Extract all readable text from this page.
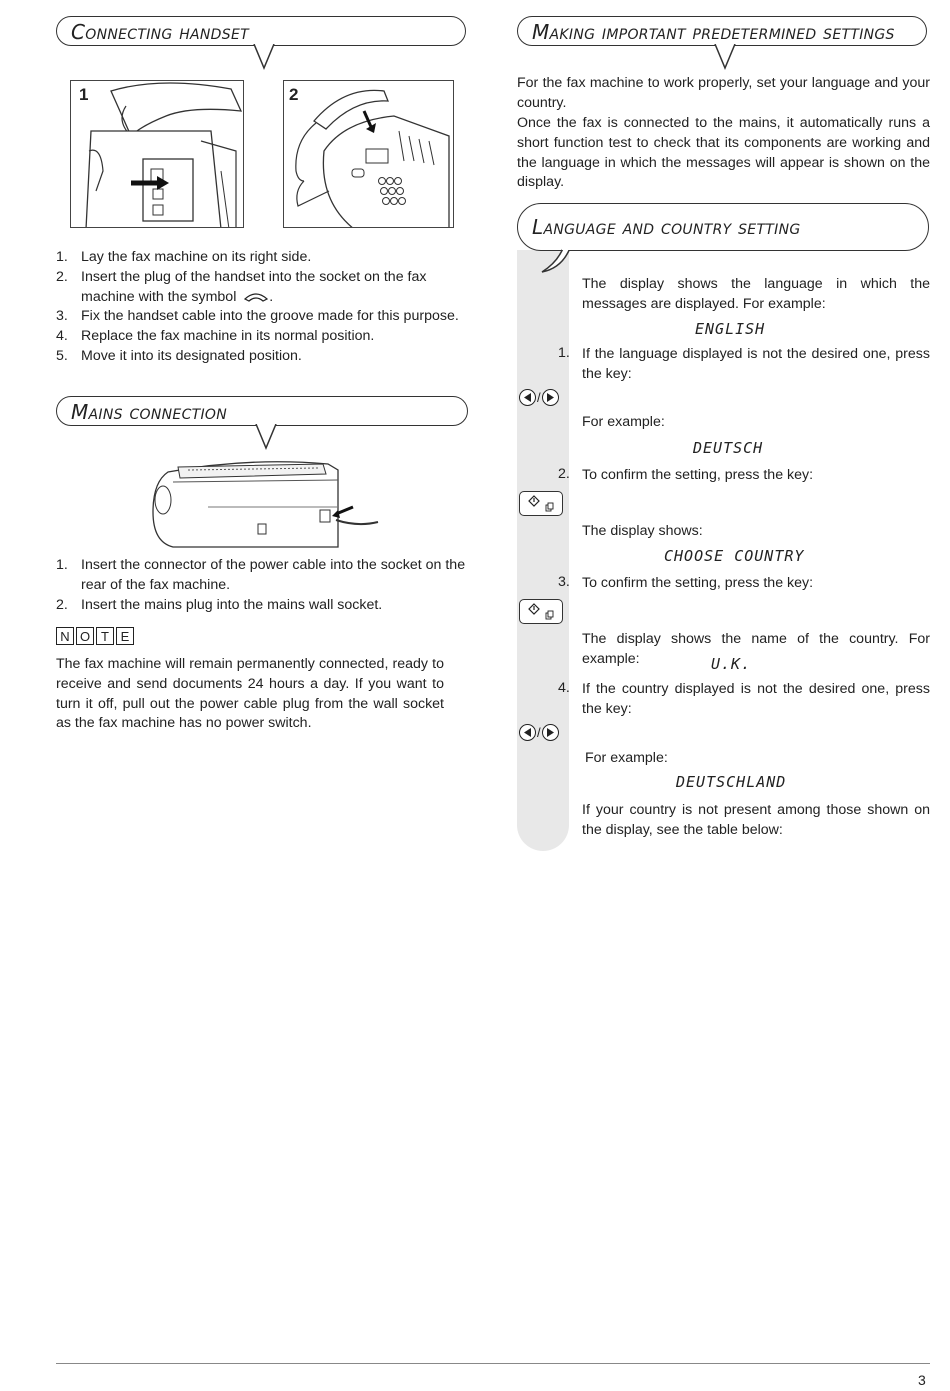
Connecting handset
1	2
1. Lay the fax machine on its right side.
2. Insert the plug of the handset into the socket on the fax machine with the symbol .
3. Fix the handset cable into the groove made for this purpose.
4. Replace the fax machine in its normal position.
5. Move it into its designated position.
Mains connection
1. Insert the connector of the power cable into the socket on the rear of the fax machine.
2. Insert the mains plug into the mains wall socket.
N O T E
The fax machine will remain permanently connected, ready to receive and send documents 24 hours a day. If you want to turn it off, pull out the power cable plug from the wall socket as the fax machine has no power switch.
Making important predetermined settings
For the fax machine to work properly, set your language and your country.
Once the fax is connected to the mains, it automatically runs a short function test to check that its components are working and the language in which the messages will appear is shown on the display.
Language and country setting
The display shows the language in which the messages are displayed. For example:
ENGLISH
1. If the language displayed is not the desired one, press the key:
/
For example:
DEUTSCH
2. To confirm the setting, press the key:
The display shows:
CHOOSE COUNTRY
3. To confirm the setting, press the key:
The display shows the name of the country. For example:	U.K.
4. If the country displayed is not the desired one, press the key:
/
For example:
DEUTSCHLAND
If your country is not present among those shown on the display, see the table below:
3
